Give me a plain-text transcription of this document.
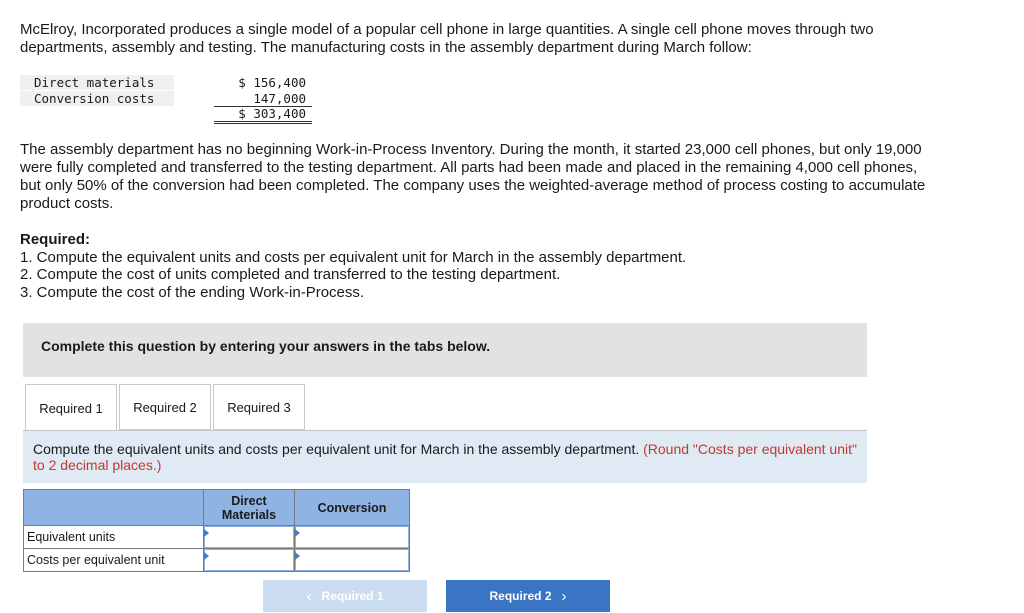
McElroy, Incorporated produces a single model of a popular cell phone in large quantities. A single cell phone moves through two departments, assembly and testing. The manufacturing costs in the assembly department during March follow:

Direct materials	$ 156,400
Conversion costs	147,000
$ 303,400

The assembly department has no beginning Work-in-Process Inventory. During the month, it started 23,000 cell phones, but only 19,000 were fully completed and transferred to the testing department. All parts had been made and placed in the remaining 4,000 cell phones, but only 50% of the conversion had been completed. The company uses the weighted-average method of process costing to accumulate product costs.

Required:

1. Compute the equivalent units and costs per equivalent unit for March in the assembly department.

2. Compute the cost of units completed and transferred to the testing department.

3. Compute the cost of the ending Work-in-Process.

Complete this question by entering your answers in the tabs below.
Required 1	Required 2	Required 3
Compute the equivalent units and costs per equivalent unit for March in the assembly department. (Round "Costs per equivalent unit" to 2 decimal places.)
	Direct Materials	Conversion
Equivalent units	

Costs per equivalent unit	

‹ Required 1	Required 2 ›
